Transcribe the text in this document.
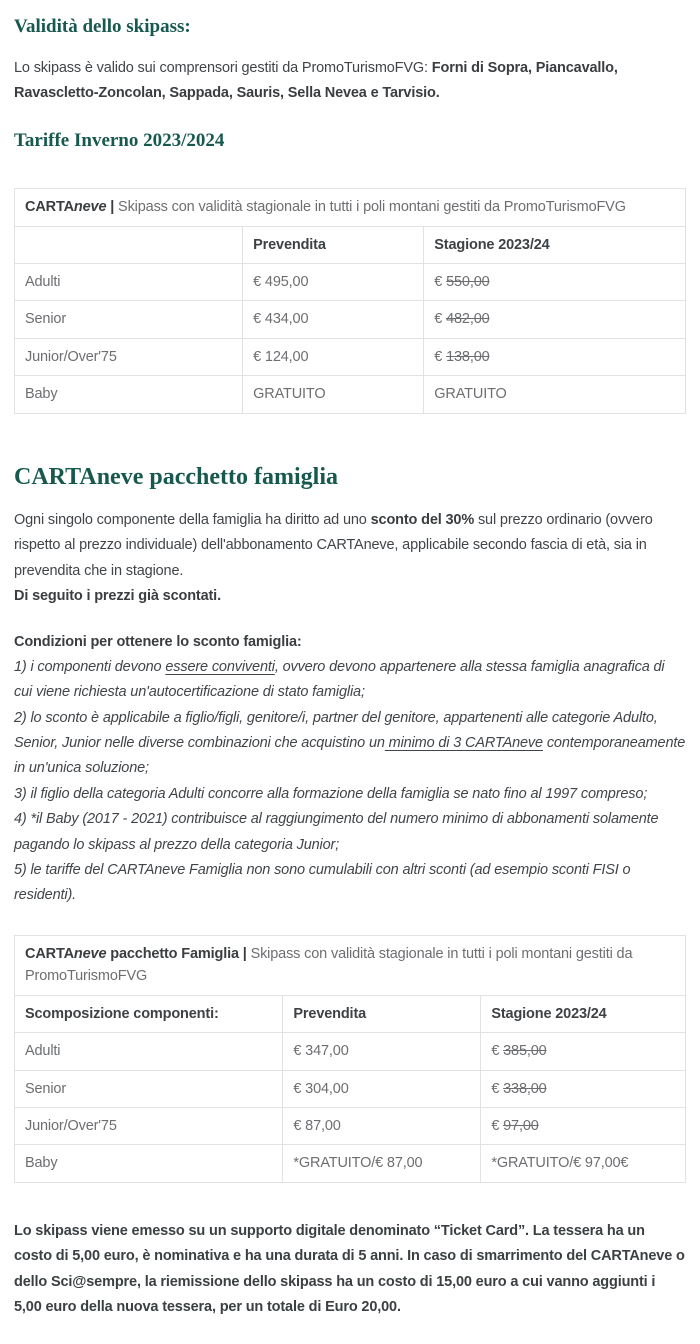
Validità dello skipass:

Lo skipass è valido sui comprensori gestiti da PromoTurismoFVG: Forni di Sopra, Piancavallo, Ravascletto-Zoncolan, Sappada, Sauris, Sella Nevea e Tarvisio.

Tariffe Inverno 2023/2024
CARTAneve | Skipass con validità stagionale in tutti i poli montani gestiti da PromoTurismoFVG		
	Prevendita	Stagione 2023/24
Adulti	€ 495,00	€ 550,00
Senior	€ 434,00	€ 482,00
Junior/Over'75	€ 124,00	€ 138,00
Baby	GRATUITO	GRATUITO
CARTAneve pacchetto famiglia

Ogni singolo componente della famiglia ha diritto ad uno sconto del 30% sul prezzo ordinario (ovvero rispetto al prezzo individuale) dell'abbonamento CARTAneve, applicabile secondo fascia di età, sia in prevendita che in stagione.
Di seguito i prezzi già scontati.

Condizioni per ottenere lo sconto famiglia:
1) i componenti devono essere conviventi, ovvero devono appartenere alla stessa famiglia anagrafica di cui viene richiesta un'autocertificazione di stato famiglia;
2) lo sconto è applicabile a figlio/figli, genitore/i, partner del genitore, appartenenti alle categorie Adulto, Senior, Junior nelle diverse combinazioni che acquistino un minimo di 3 CARTAneve contemporaneamente in un'unica soluzione;
3) il figlio della categoria Adulti concorre alla formazione della famiglia se nato fino al 1997 compreso;
4) *il Baby (2017 - 2021) contribuisce al raggiungimento del numero minimo di abbonamenti solamente pagando lo skipass al prezzo della categoria Junior;
5) le tariffe del CARTAneve Famiglia non sono cumulabili con altri sconti (ad esempio sconti FISI o residenti).
CARTAneve pacchetto Famiglia | Skipass con validità stagionale in tutti i poli montani gestiti da PromoTurismoFVG		
Scomposizione componenti:	Prevendita	Stagione 2023/24
Adulti	€ 347,00	€ 385,00
Senior	€ 304,00	€ 338,00
Junior/Over'75	€ 87,00	€ 97,00
Baby	*GRATUITO/€ 87,00	*GRATUITO/€ 97,00€

Lo skipass viene emesso su un supporto digitale denominato “Ticket Card”. La tessera ha un costo di 5,00 euro, è nominativa e ha una durata di 5 anni. In caso di smarrimento del CARTAneve o dello Sci@sempre, la riemissione dello skipass ha un costo di 15,00 euro a cui vanno aggiunti i 5,00 euro della nuova tessera, per un totale di Euro 20,00.
